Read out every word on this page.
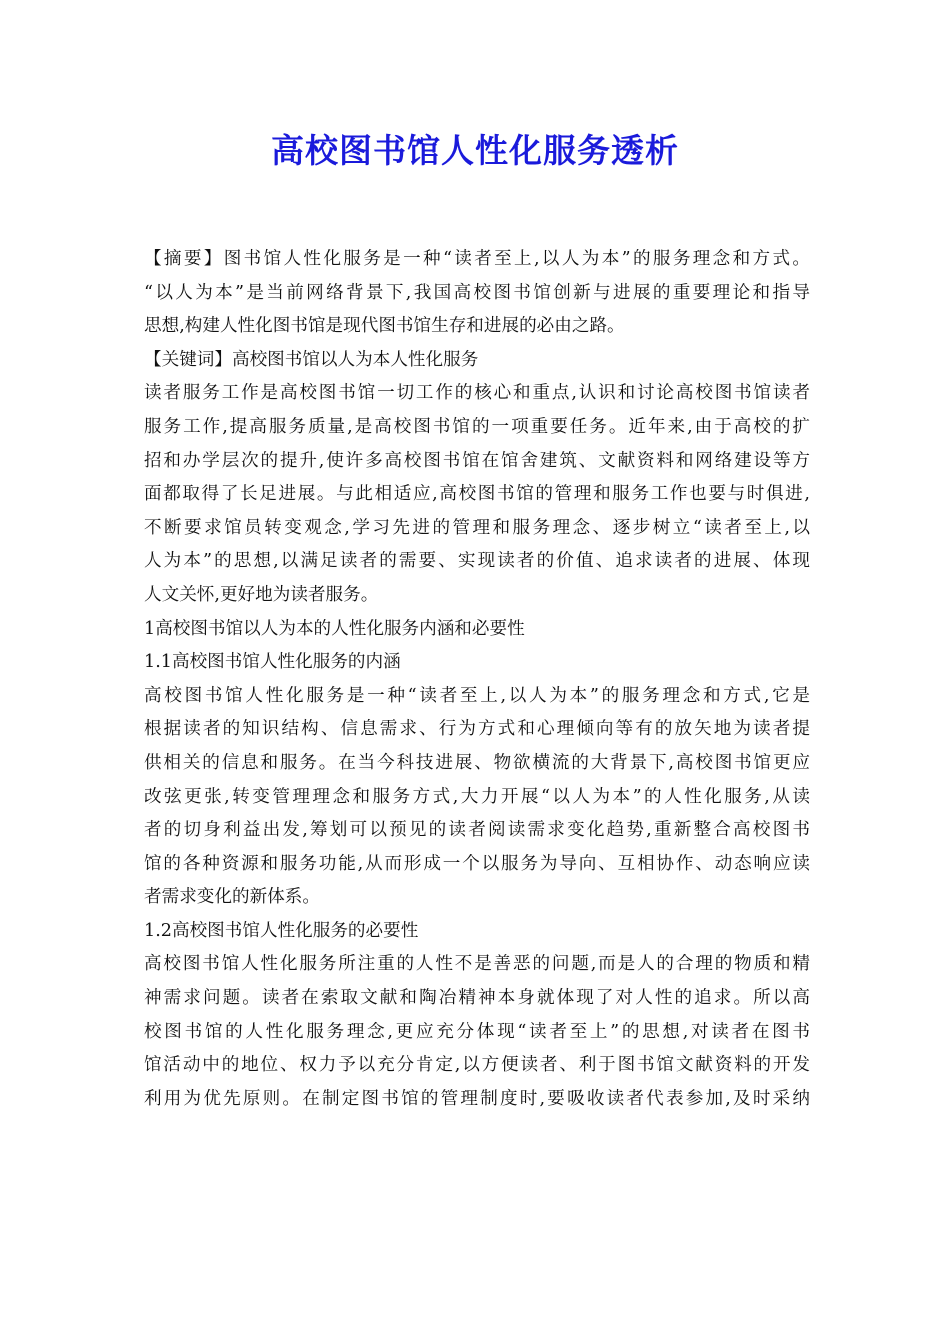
高校图书馆人性化服务透析
【摘要】图书馆人性化服务是一种“读者至上,以人为本”的服务理念和方式。
“以人为本”是当前网络背景下,我国高校图书馆创新与进展的重要理论和指导
思想,构建人性化图书馆是现代图书馆生存和进展的必由之路。
【关键词】高校图书馆以人为本人性化服务
读者服务工作是高校图书馆一切工作的核心和重点,认识和讨论高校图书馆读者
服务工作,提高服务质量,是高校图书馆的一项重要任务。近年来,由于高校的扩
招和办学层次的提升,使许多高校图书馆在馆舍建筑、文献资料和网络建设等方
面都取得了长足进展。与此相适应,高校图书馆的管理和服务工作也要与时俱进,
不断要求馆员转变观念,学习先进的管理和服务理念、逐步树立“读者至上,以
人为本”的思想,以满足读者的需要、实现读者的价值、追求读者的进展、体现
人文关怀,更好地为读者服务。
1高校图书馆以人为本的人性化服务内涵和必要性
1.1高校图书馆人性化服务的内涵
高校图书馆人性化服务是一种“读者至上,以人为本”的服务理念和方式,它是
根据读者的知识结构、信息需求、行为方式和心理倾向等有的放矢地为读者提
供相关的信息和服务。在当今科技进展、物欲横流的大背景下,高校图书馆更应
改弦更张,转变管理理念和服务方式,大力开展“以人为本”的人性化服务,从读
者的切身利益出发,筹划可以预见的读者阅读需求变化趋势,重新整合高校图书
馆的各种资源和服务功能,从而形成一个以服务为导向、互相协作、动态响应读
者需求变化的新体系。
1.2高校图书馆人性化服务的必要性
高校图书馆人性化服务所注重的人性不是善恶的问题,而是人的合理的物质和精
神需求问题。读者在索取文献和陶冶精神本身就体现了对人性的追求。所以高
校图书馆的人性化服务理念,更应充分体现“读者至上”的思想,对读者在图书
馆活动中的地位、权力予以充分肯定,以方便读者、利于图书馆文献资料的开发
利用为优先原则。在制定图书馆的管理制度时,要吸收读者代表参加,及时采纳
